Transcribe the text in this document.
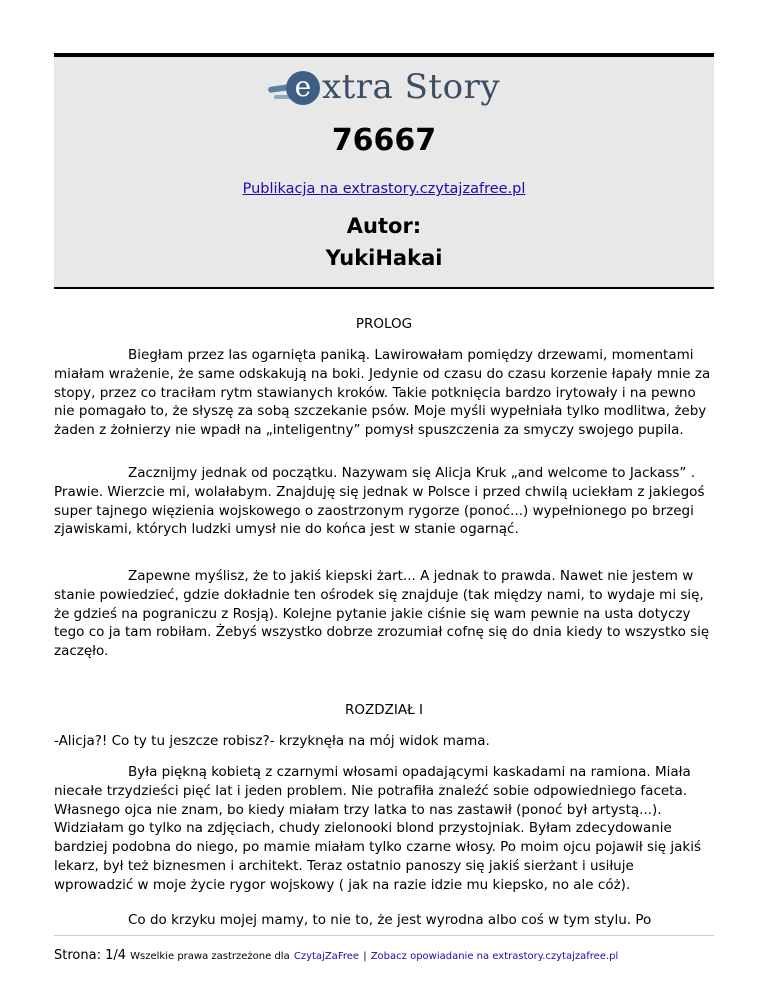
e xtra Story
76667
Publikacja na extrastory.czytajzafree.pl
Autor:
YukiHakai
PROLOG
Biegłam przez las ogarnięta paniką. Lawirowałam pomiędzy drzewami, momentami miałam wrażenie, że same odskakują na boki. Jedynie od czasu do czasu korzenie łapały mnie za stopy, przez co traciłam rytm stawianych kroków. Takie potknięcia bardzo irytowały i na pewno nie pomagało to, że słyszę za sobą szczekanie psów. Moje myśli wypełniała tylko modlitwa, żeby żaden z żołnierzy nie wpadł na „inteligentny” pomysł spuszczenia za smyczy swojego pupila.
Zacznijmy jednak od początku. Nazywam się Alicja Kruk „and welcome to Jackass” . Prawie. Wierzcie mi, wolałabym. Znajduję się jednak w Polsce i przed chwilą uciekłam z jakiegoś super tajnego więzienia wojskowego o zaostrzonym rygorze (ponoć...) wypełnionego po brzegi zjawiskami, których ludzki umysł nie do końca jest w stanie ogarnąć.
Zapewne myślisz, że to jakiś kiepski żart... A jednak to prawda. Nawet nie jestem w stanie powiedzieć, gdzie dokładnie ten ośrodek się znajduje (tak między nami, to wydaje mi się, że gdzieś na pograniczu z Rosją). Kolejne pytanie jakie ciśnie się wam pewnie na usta dotyczy tego co ja tam robiłam. Żebyś wszystko dobrze zrozumiał cofnę się do dnia kiedy to wszystko się zaczęło.
ROZDZIAŁ I
-Alicja?! Co ty tu jeszcze robisz?- krzyknęła na mój widok mama.
Była piękną kobietą z czarnymi włosami opadającymi kaskadami na ramiona. Miała niecałe trzydzieści pięć lat i jeden problem. Nie potrafiła znaleźć sobie odpowiedniego faceta. Własnego ojca nie znam, bo kiedy miałam trzy latka to nas zastawił (ponoć był artystą...). Widziałam go tylko na zdjęciach, chudy zielonooki blond przystojniak. Byłam zdecydowanie bardziej podobna do niego, po mamie miałam tylko czarne włosy. Po moim ojcu pojawił się jakiś lekarz, był też biznesmen i architekt. Teraz ostatnio panoszy się jakiś sierżant i usiłuje wprowadzić w moje życie rygor wojskowy ( jak na razie idzie mu kiepsko, no ale cóż).
Co do krzyku mojej mamy, to nie to, że jest wyrodna albo coś w tym stylu. Po
Strona: 1/4 Wszelkie prawa zastrzeżone dla CzytajZaFree | Zobacz opowiadanie na extrastory.czytajzafree.pl
